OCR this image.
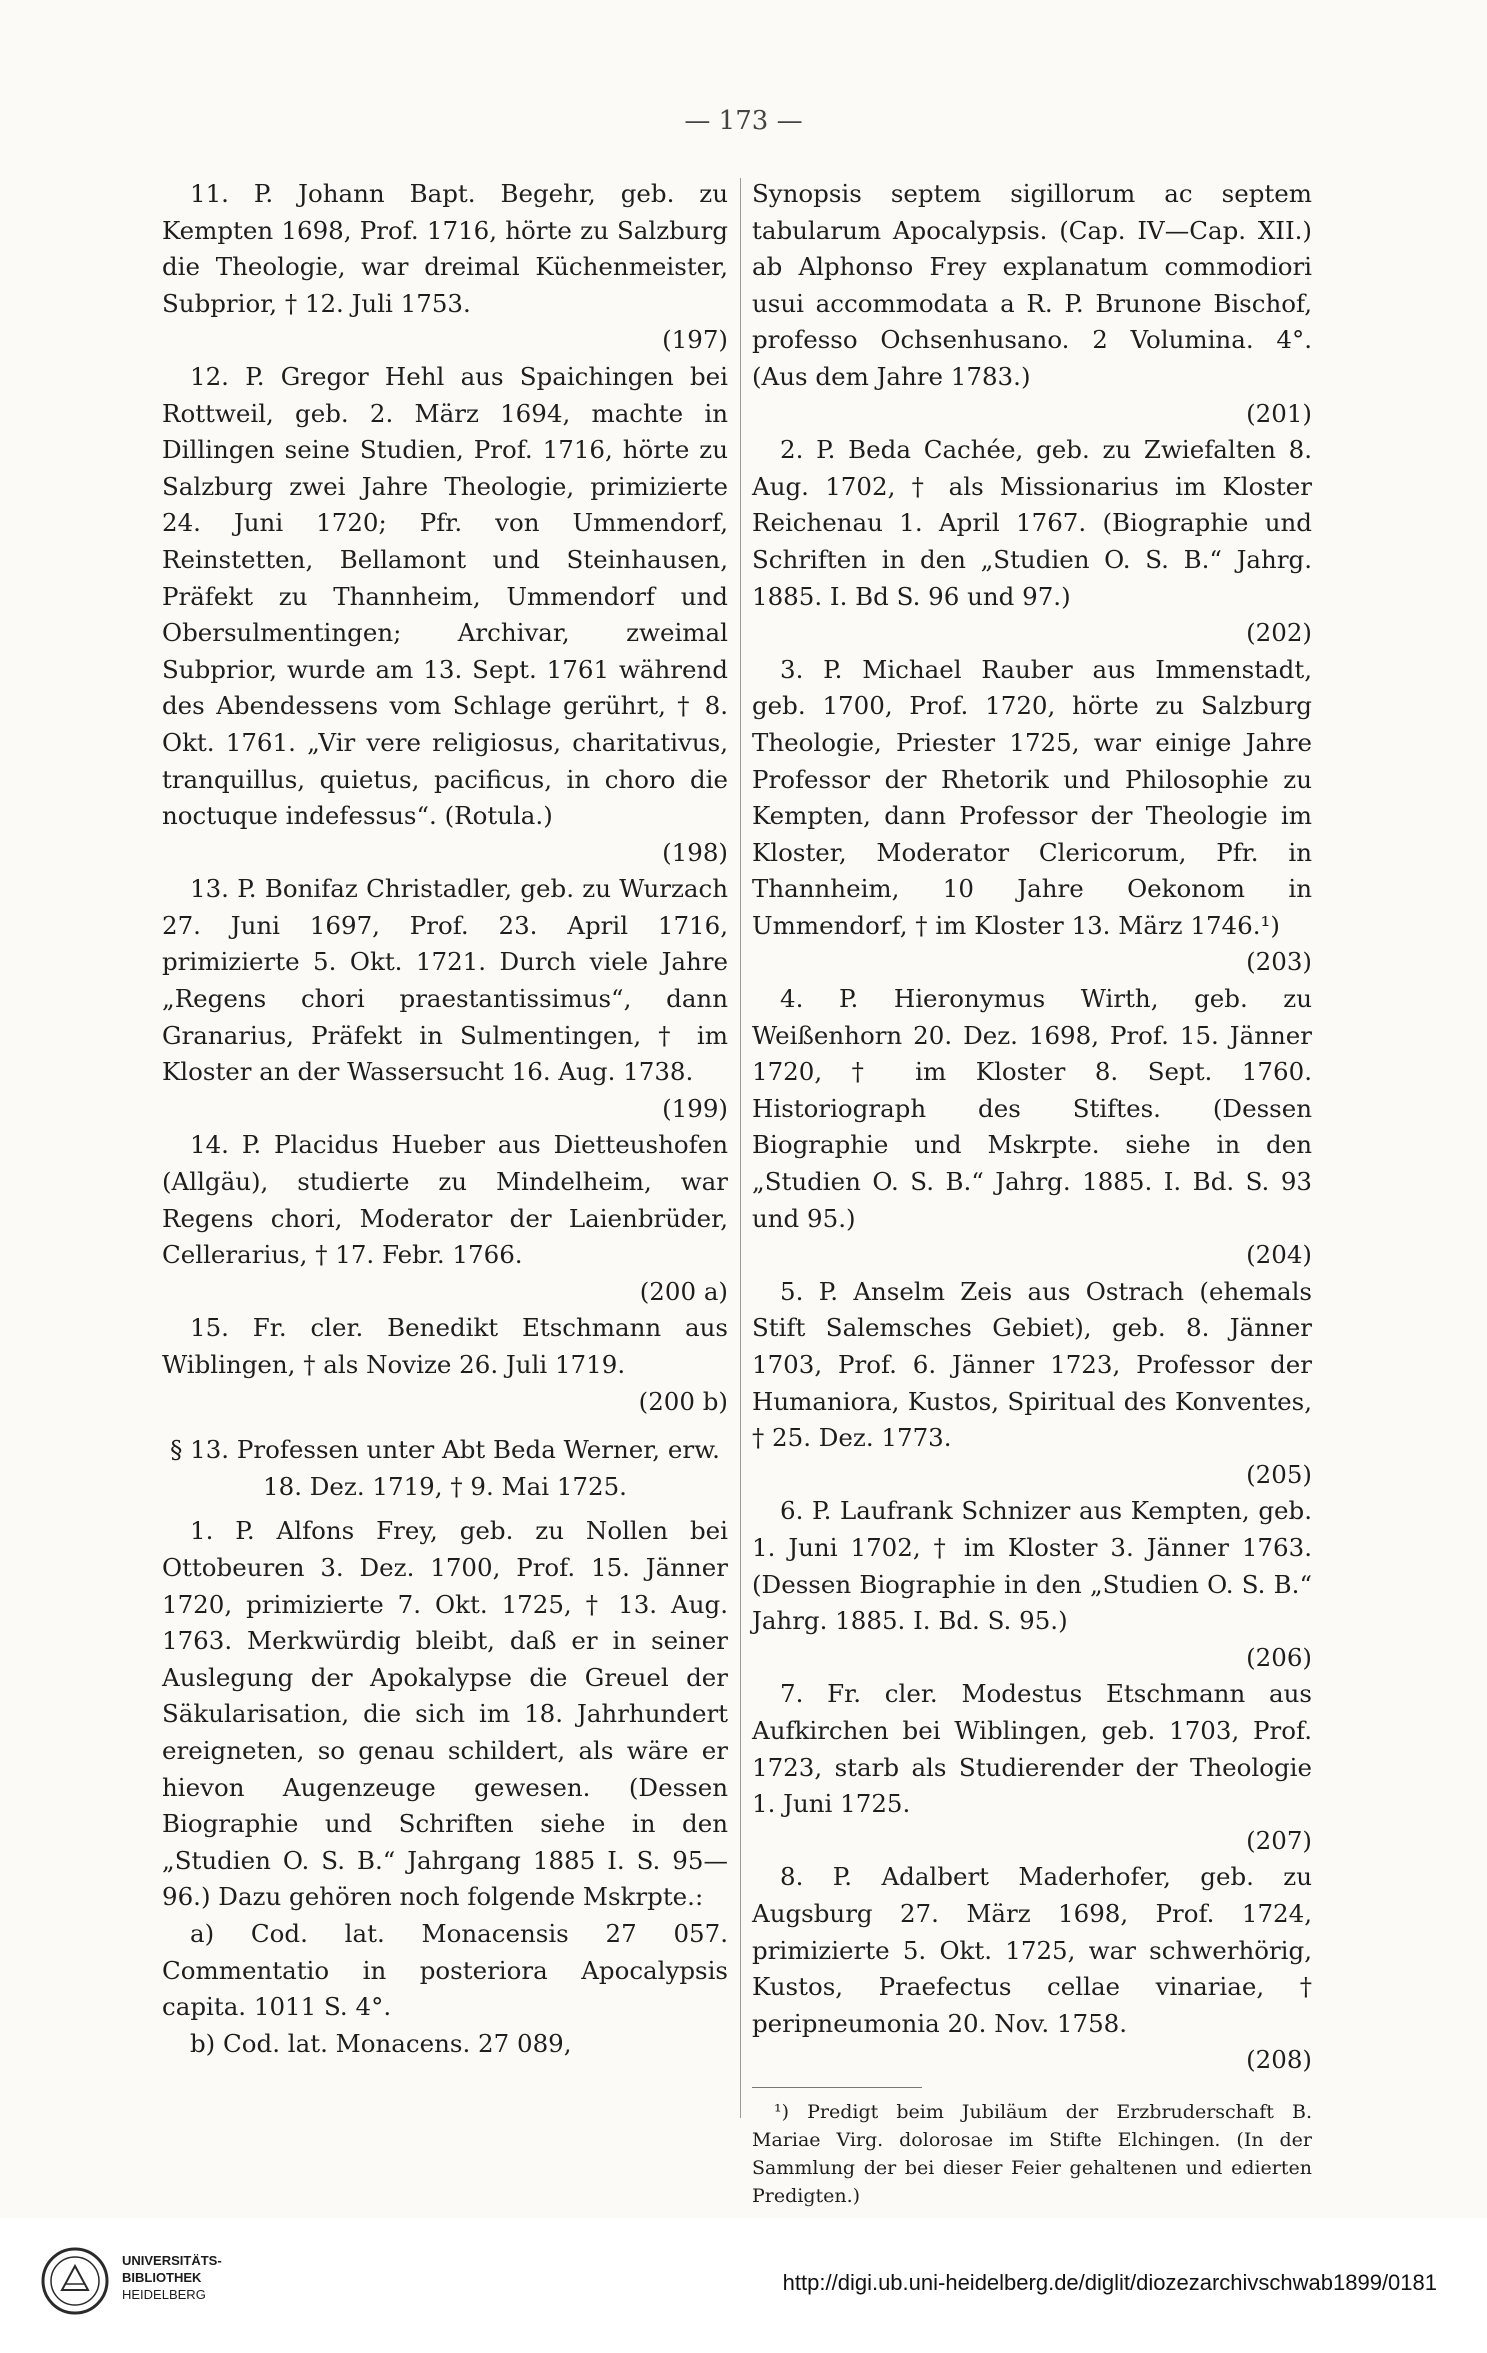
— 173 —

11. P. Johann Bapt. Begehr, geb. zu Kempten 1698, Prof. 1716, hörte zu Salzburg die Theologie, war dreimal Küchenmeister, Subprior, † 12. Juli 1753.
(197)

12. P. Gregor Hehl aus Spaichingen bei Rottweil, geb. 2. März 1694, machte in Dillingen seine Studien, Prof. 1716, hörte zu Salzburg zwei Jahre Theologie, primizierte 24. Juni 1720; Pfr. von Ummendorf, Reinstetten, Bellamont und Steinhausen, Präfekt zu Thannheim, Ummendorf und Obersulmentingen; Archivar, zweimal Subprior, wurde am 13. Sept. 1761 während des Abendessens vom Schlage gerührt, † 8. Okt. 1761. „Vir vere religiosus, charitativus, tranquillus, quietus, pacificus, in choro die noctuque indefessus“. (Rotula.)
(198)

13. P. Bonifaz Christadler, geb. zu Wurzach 27. Juni 1697, Prof. 23. April 1716, primizierte 5. Okt. 1721. Durch viele Jahre „Regens chori praestantissimus“, dann Granarius, Präfekt in Sulmentingen, † im Kloster an der Wassersucht 16. Aug. 1738.
(199)

14. P. Placidus Hueber aus Dietteushofen (Allgäu), studierte zu Mindelheim, war Regens chori, Moderator der Laienbrüder, Cellerarius, † 17. Febr. 1766.
(200 a)

15. Fr. cler. Benedikt Etschmann aus Wiblingen, † als Novize 26. Juli 1719.
(200 b)

§ 13. Professen unter Abt Beda Werner, erw. 18. Dez. 1719, † 9. Mai 1725.

1. P. Alfons Frey, geb. zu Nollen bei Ottobeuren 3. Dez. 1700, Prof. 15. Jänner 1720, primizierte 7. Okt. 1725, † 13. Aug. 1763. Merkwürdig bleibt, daß er in seiner Auslegung der Apokalypse die Greuel der Säkularisation, die sich im 18. Jahrhundert ereigneten, so genau schildert, als wäre er hievon Augenzeuge gewesen. (Dessen Biographie und Schriften siehe in den „Studien O. S. B.“ Jahrgang 1885 I. S. 95—96.) Dazu gehören noch folgende Mskrpte.:

a) Cod. lat. Monacensis 27 057. Commentatio in posteriora Apocalypsis capita. 1011 S. 4°.

b) Cod. lat. Monacens. 27 089,

Synopsis septem sigillorum ac septem tabularum Apocalypsis. (Cap. IV—Cap. XII.) ab Alphonso Frey explanatum commodiori usui accommodata a R. P. Brunone Bischof, professo Ochsenhusano. 2 Volumina. 4°. (Aus dem Jahre 1783.)
(201)

2. P. Beda Cachée, geb. zu Zwiefalten 8. Aug. 1702, † als Missionarius im Kloster Reichenau 1. April 1767. (Biographie und Schriften in den „Studien O. S. B.“ Jahrg. 1885. I. Bd S. 96 und 97.)
(202)

3. P. Michael Rauber aus Immenstadt, geb. 1700, Prof. 1720, hörte zu Salzburg Theologie, Priester 1725, war einige Jahre Professor der Rhetorik und Philosophie zu Kempten, dann Professor der Theologie im Kloster, Moderator Clericorum, Pfr. in Thannheim, 10 Jahre Oekonom in Ummendorf, † im Kloster 13. März 1746.¹)
(203)

4. P. Hieronymus Wirth, geb. zu Weißenhorn 20. Dez. 1698, Prof. 15. Jänner 1720, † im Kloster 8. Sept. 1760. Historiograph des Stiftes. (Dessen Biographie und Mskrpte. siehe in den „Studien O. S. B.“ Jahrg. 1885. I. Bd. S. 93 und 95.)
(204)

5. P. Anselm Zeis aus Ostrach (ehemals Stift Salemsches Gebiet), geb. 8. Jänner 1703, Prof. 6. Jänner 1723, Professor der Humaniora, Kustos, Spiritual des Konventes, † 25. Dez. 1773.
(205)

6. P. Laufrank Schnizer aus Kempten, geb. 1. Juni 1702, † im Kloster 3. Jänner 1763. (Dessen Biographie in den „Studien O. S. B.“ Jahrg. 1885. I. Bd. S. 95.)
(206)

7. Fr. cler. Modestus Etschmann aus Aufkirchen bei Wiblingen, geb. 1703, Prof. 1723, starb als Studierender der Theologie 1. Juni 1725.
(207)

8. P. Adalbert Maderhofer, geb. zu Augsburg 27. März 1698, Prof. 1724, primizierte 5. Okt. 1725, war schwerhörig, Kustos, Praefectus cellae vinariae, † peripneumonia 20. Nov. 1758.
(208)

¹) Predigt beim Jubiläum der Erzbruderschaft B. Mariae Virg. dolorosae im Stifte Elchingen. (In der Sammlung der bei dieser Feier gehaltenen und edierten Predigten.)

UNIVERSITÄTS-
BIBLIOTHEK
HEIDELBERG	http://digi.ub.uni-heidelberg.de/diglit/diozezarchivschwab1899/0181
